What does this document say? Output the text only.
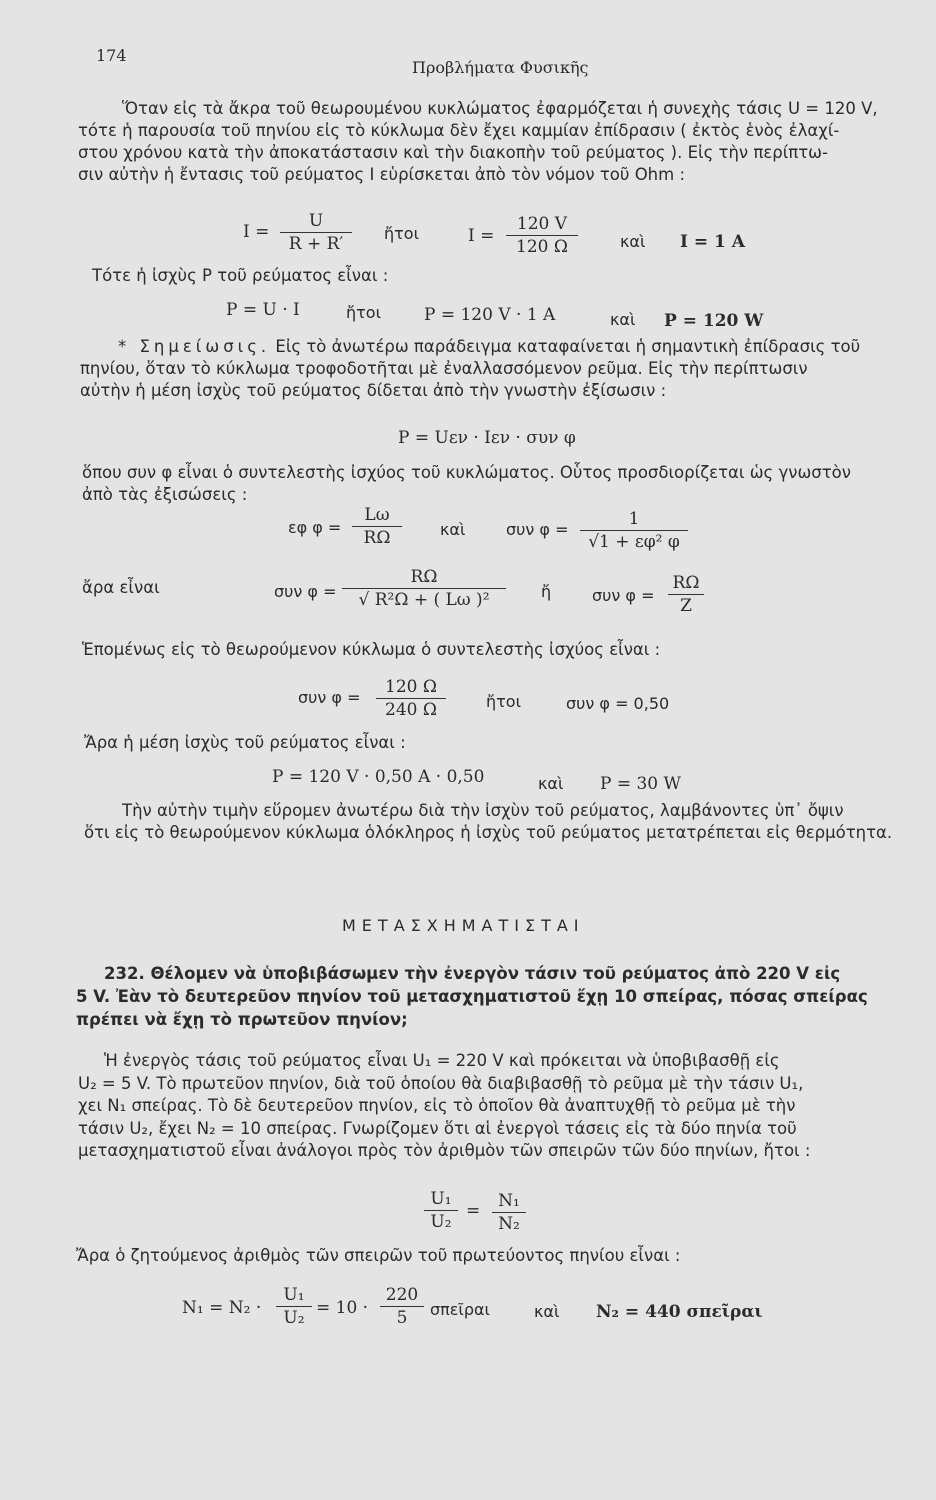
174
Προβλήματα Φυσικῆς

Ὅταν εἰς τὰ ἄκρα τοῦ θεωρουμένου κυκλώματος ἐφαρμόζεται ἡ συνεχὴς τάσις U = 120 V,

τότε ἡ παρουσία τοῦ πηνίου εἰς τὸ κύκλωμα δὲν ἔχει καμμίαν ἐπίδρασιν ( ἐκτὸς ἑνὸς ἐλαχί-

στου χρόνου κατὰ τὴν ἀποκατάστασιν καὶ τὴν διακοπὴν τοῦ ρεύματος ). Εἰς τὴν περίπτω-

σιν αὐτὴν ἡ ἔντασις τοῦ ρεύματος I εὑρίσκεται ἀπὸ τὸν νόμον τοῦ Ohm :

$I = \frac{U}{R + R'}$ ἤτοι	$I = \frac{120 V}{120 \Omega}$	καὶ I = 1 A
Τότε ἡ ἰσχὺς P τοῦ ρεύματος εἶναι :
P = U · I	ἤτοι	P = 120 V · 1 A	καὶ P = 120 W

* Σημείωσις. Εἰς τὸ ἀνωτέρω παράδειγμα καταφαίνεται ἡ σημαντικὴ ἐπίδρασις τοῦ

πηνίου, ὅταν τὸ κύκλωμα τροφοδοτῆται μὲ ἐναλλασσόμενον ρεῦμα. Εἰς τὴν περίπτωσιν

αὐτὴν ἡ μέση ἰσχὺς τοῦ ρεύματος δίδεται ἀπὸ τὴν γνωστὴν ἐξίσωσιν :

P = Uεν · Iεν · συν φ

ὅπου συν φ εἶναι ὁ συντελεστὴς ἰσχύος τοῦ κυκλώματος. Οὗτος προσδιορίζεται ὡς γνωστὸν

ἀπὸ τὰς ἐξισώσεις :

εφ $\varphi = \frac{L\omega}{R\Omega}$ καὶ	συν $\varphi = \frac{1}{\text{√1 + εφ² φ}}$
ἄρα εἶναι	συν $\varphi = \frac{R\Omega}{\text{√ R²Ω + ( Lω )²}}$ ἤ	συν $\varphi = \frac{R\Omega}{Z}$
Ἑπομένως εἰς τὸ θεωρούμενον κύκλωμα ὁ συντελεστὴς ἰσχύος εἶναι :
συν $\varphi = \frac{120 \Omega}{240 \Omega}$	ἤτοι	συν φ = 0,50
Ἄρα ἡ μέση ἰσχὺς τοῦ ρεύματος εἶναι :
P = 120 V · 0,50 A · 0,50	καὶ P = 30 W

Τὴν αὐτὴν τιμὴν εὕρομεν ἀνωτέρω διὰ τὴν ἰσχὺν τοῦ ρεύματος, λαμβάνοντες ὑπ᾽ ὄψιν

ὅτι εἰς τὸ θεωρούμενον κύκλωμα ὁλόκληρος ἡ ἰσχὺς τοῦ ρεύματος μετατρέπεται εἰς θερμότητα.

ΜΕΤΑΣΧΗΜΑΤΙΣΤΑΙ

232. Θέλομεν νὰ ὑποβιβάσωμεν τὴν ἐνεργὸν τάσιν τοῦ ρεύματος ἀπὸ 220 V εἰς

5 V. Ἐὰν τὸ δευτερεῦον πηνίον τοῦ μετασχηματιστοῦ ἔχῃ 10 σπείρας, πόσας σπείρας

πρέπει νὰ ἔχῃ τὸ πρωτεῦον πηνίον;

Ἡ ἐνεργὸς τάσις τοῦ ρεύματος εἶναι U₁ = 220 V καὶ πρόκειται νὰ ὑποβιβασθῇ εἰς

U₂ = 5 V. Τὸ πρωτεῦον πηνίον, διὰ τοῦ ὁποίου θὰ διαβιβασθῇ τὸ ρεῦμα μὲ τὴν τάσιν U₁,

χει N₁ σπείρας. Τὸ δὲ δευτερεῦον πηνίον, εἰς τὸ ὁποῖον θὰ ἀναπτυχθῇ τὸ ρεῦμα μὲ τὴν

τάσιν U₂, ἔχει N₂ = 10 σπείρας. Γνωρίζομεν ὅτι αἱ ἐνεργοὶ τάσεις εἰς τὰ δύο πηνία τοῦ

μετασχηματιστοῦ εἶναι ἀνάλογοι πρὸς τὸν ἀριθμὸν τῶν σπειρῶν τῶν δύο πηνίων, ἤτοι :

$\frac{\text{U₁}}{\text{U₂}} = \frac{\text{N₁}}{\text{N₂}}$
Ἄρα ὁ ζητούμενος ἀριθμὸς τῶν σπειρῶν τοῦ πρωτεύοντος πηνίου εἶναι :
$N_1 = N_2 \cdot \frac{\text{U₁}}{\text{U₂}} = 10 \cdot \frac{220}{5}$ σπεῖραι	καὶ N₂ = 440 σπεῖραι
